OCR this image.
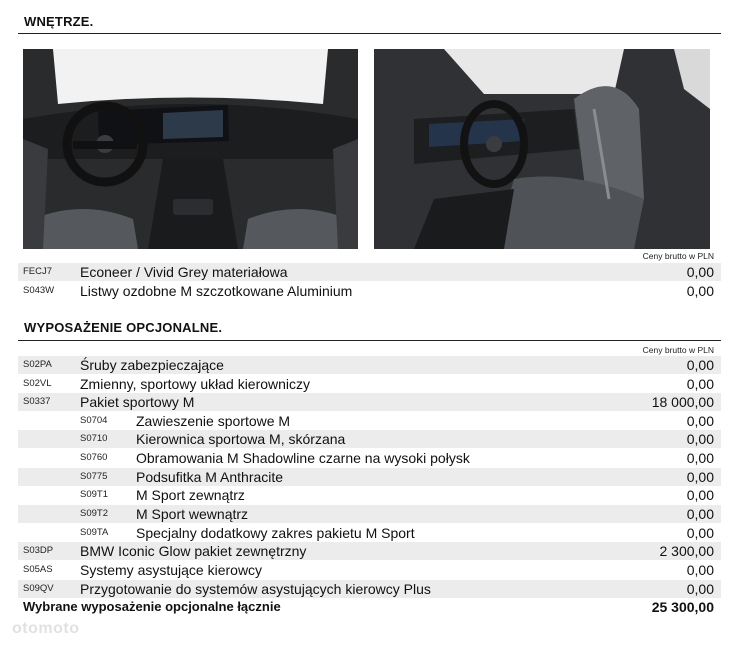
WNĘTRZE.
Ceny brutto w PLN
FECJ7 Econeer / Vivid Grey materiałowa	0,00
S043W Listwy ozdobne M szczotkowane Aluminium	0,00
WYPOSAŻENIE OPCJONALNE.
Ceny brutto w PLN
S02PA Śruby zabezpieczające	0,00
S02VL Zmienny, sportowy układ kierowniczy	0,00
S0337 Pakiet sportowy M	18 000,00
S0704 Zawieszenie sportowe M	0,00
S0710 Kierownica sportowa M, skórzana	0,00
S0760 Obramowania M Shadowline czarne na wysoki połysk	0,00
S0775 Podsufitka M Anthracite	0,00
S09T1 M Sport zewnątrz	0,00
S09T2 M Sport wewnątrz	0,00
S09TA Specjalny dodatkowy zakres pakietu M Sport	0,00
S03DP BMW Iconic Glow pakiet zewnętrzny	2 300,00
S05AS Systemy asystujące kierowcy	0,00
S09QV Przygotowanie do systemów asystujących kierowcy Plus	0,00
Wybrane wyposażenie opcjonalne łącznie	25 300,00
otomoto
